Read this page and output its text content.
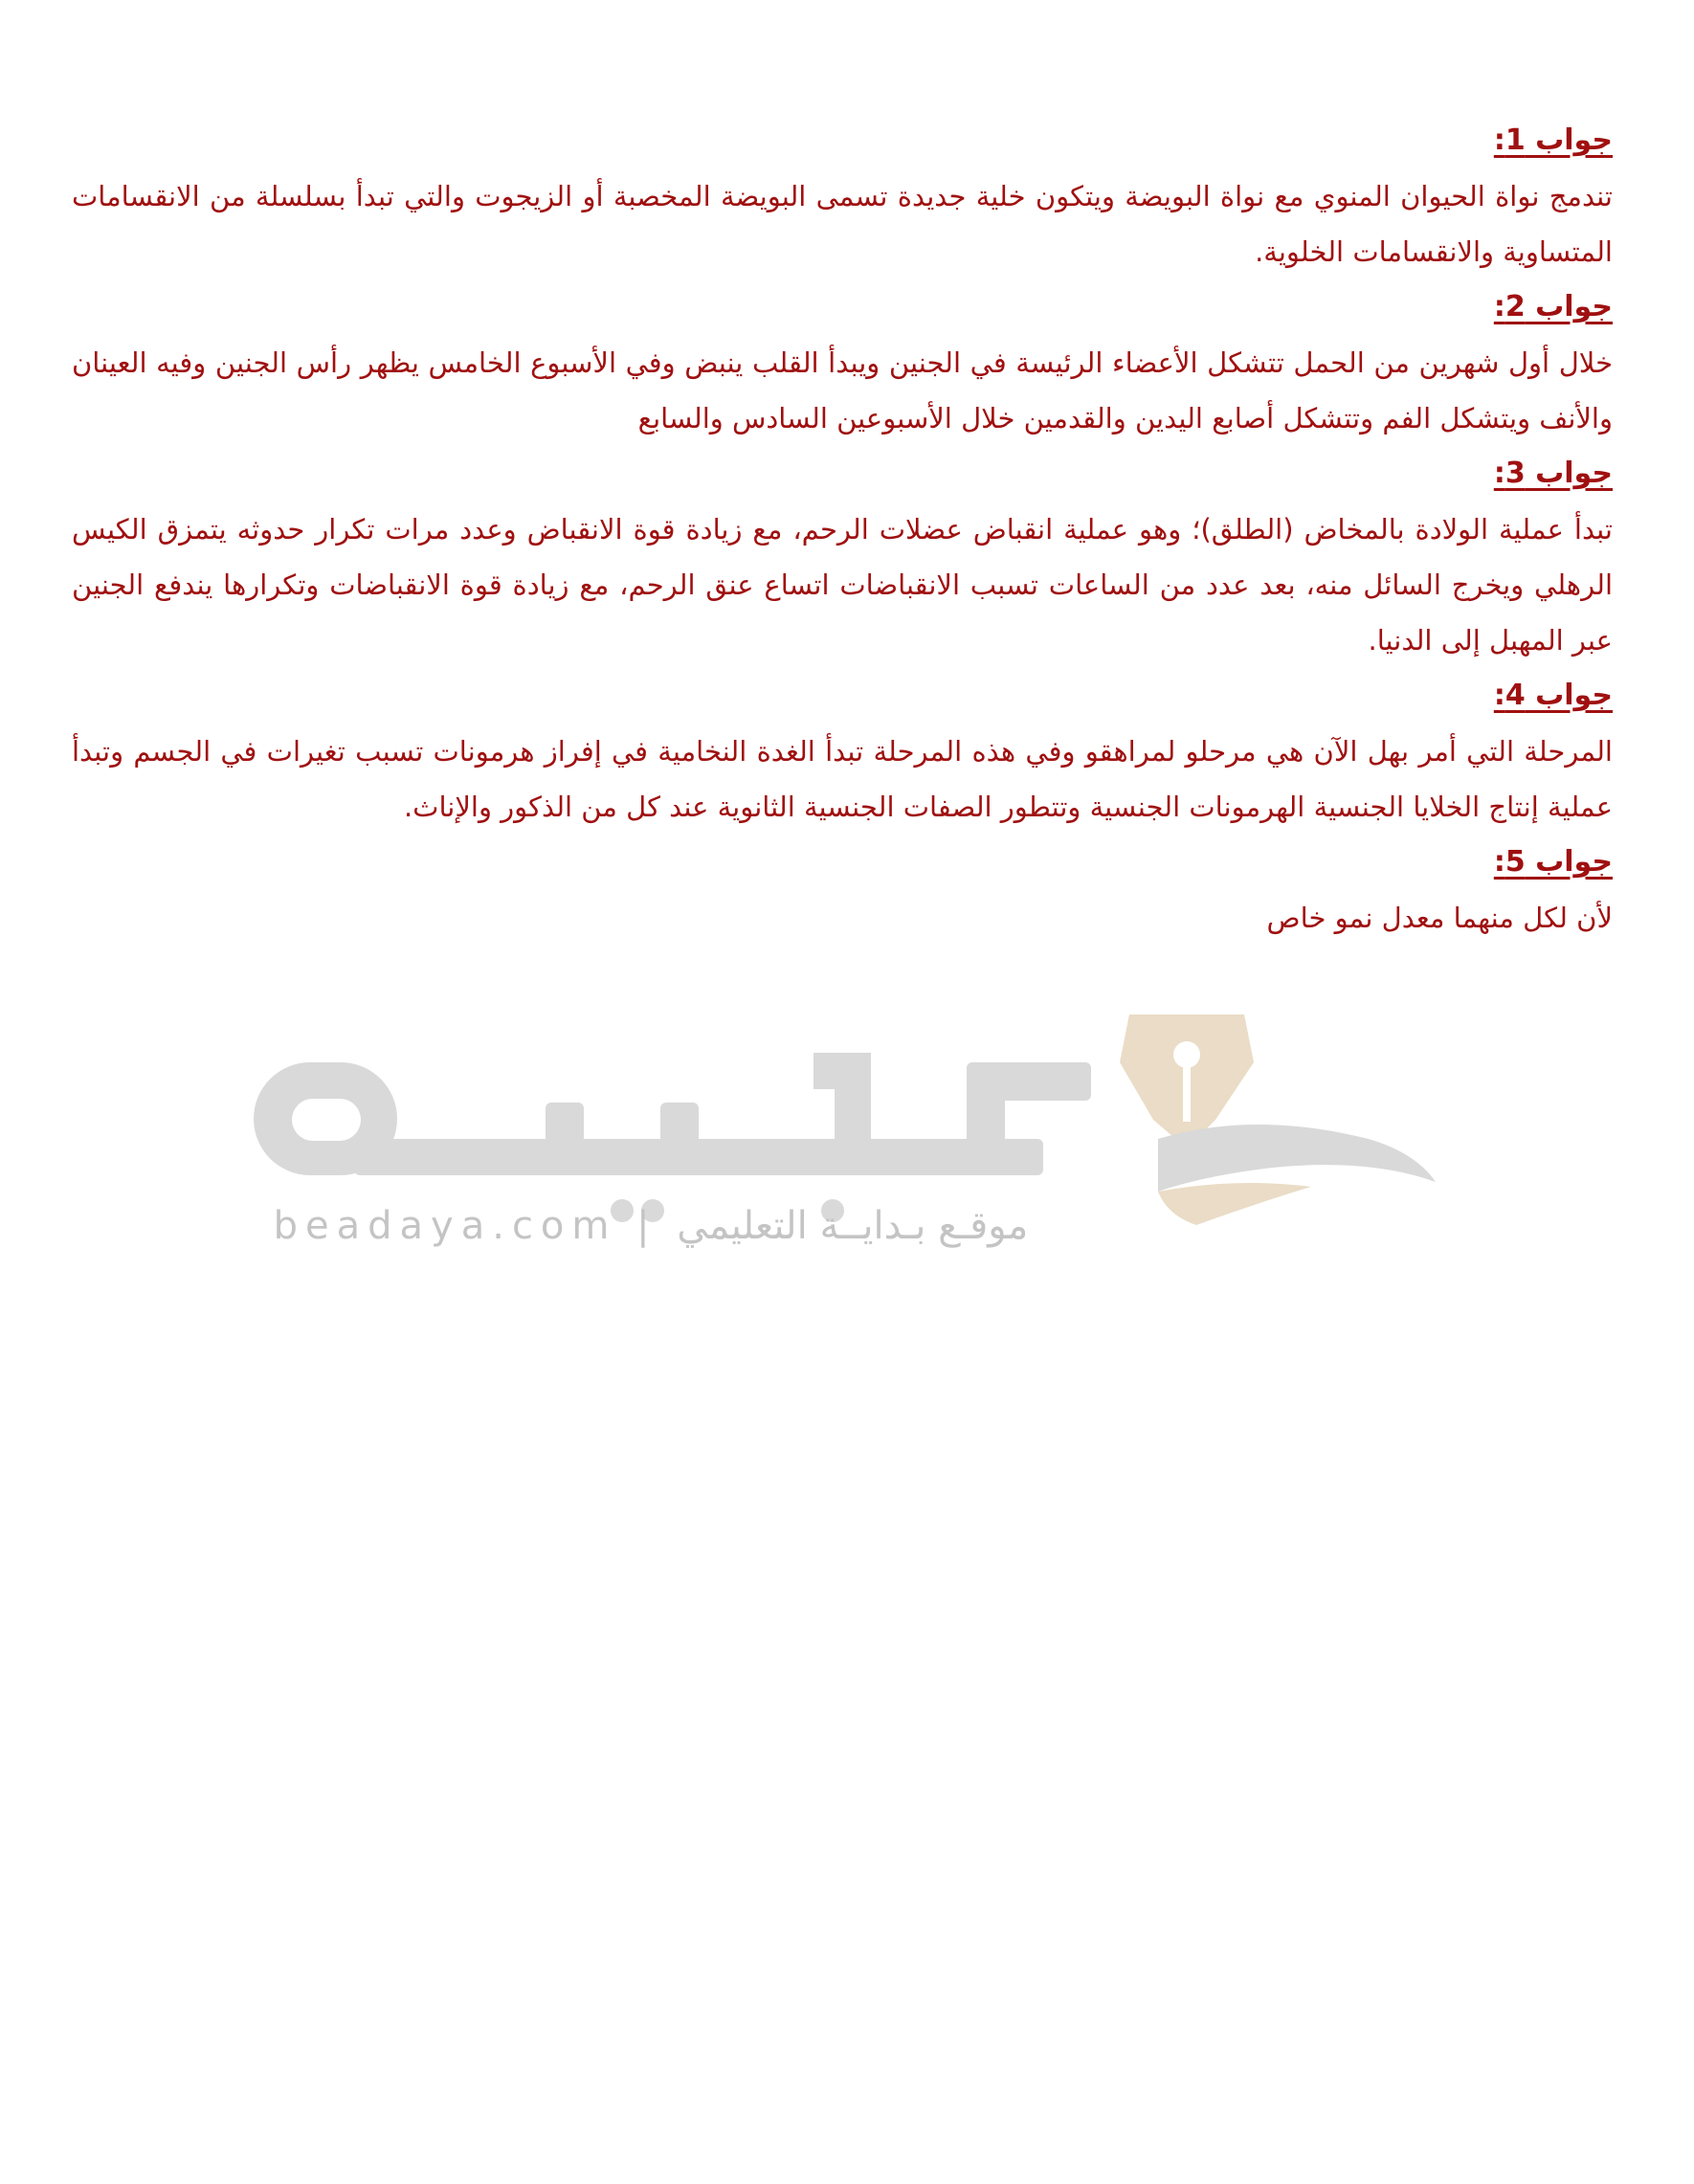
جواب 1:

تندمج نواة الحيوان المنوي مع نواة البويضة ويتكون خلية جديدة تسمى البويضة المخصبة أو الزيجوت والتي تبدأ بسلسلة من الانقسامات المتساوية والانقسامات الخلوية.

جواب 2:

خلال أول شهرين من الحمل تتشكل الأعضاء الرئيسة في الجنين ويبدأ القلب ينبض وفي الأسبوع الخامس يظهر رأس الجنين وفيه العينان والأنف ويتشكل الفم وتتشكل أصابع اليدين والقدمين خلال الأسبوعين السادس والسابع

جواب 3:

تبدأ عملية الولادة بالمخاض (الطلق)؛ وهو عملية انقباض عضلات الرحم، مع زيادة قوة الانقباض وعدد مرات تكرار حدوثه يتمزق الكيس الرهلي ويخرج السائل منه، بعد عدد من الساعات تسبب الانقباضات اتساع عنق الرحم، مع زيادة قوة الانقباضات وتكرارها يندفع الجنين عبر المهبل إلى الدنيا.

جواب 4:

المرحلة التي أمر بهل الآن هي مرحلو لمراهقو وفي هذه المرحلة تبدأ الغدة النخامية في إفراز هرمونات تسبب تغيرات في الجسم وتبدأ عملية إنتاج الخلايا الجنسية الهرمونات الجنسية وتتطور الصفات الجنسية الثانوية عند كل من الذكور والإناث.

جواب 5:

لأن لكل منهما معدل نمو خاص

beadaya.com | موقـع بـدايــة التعليمي
